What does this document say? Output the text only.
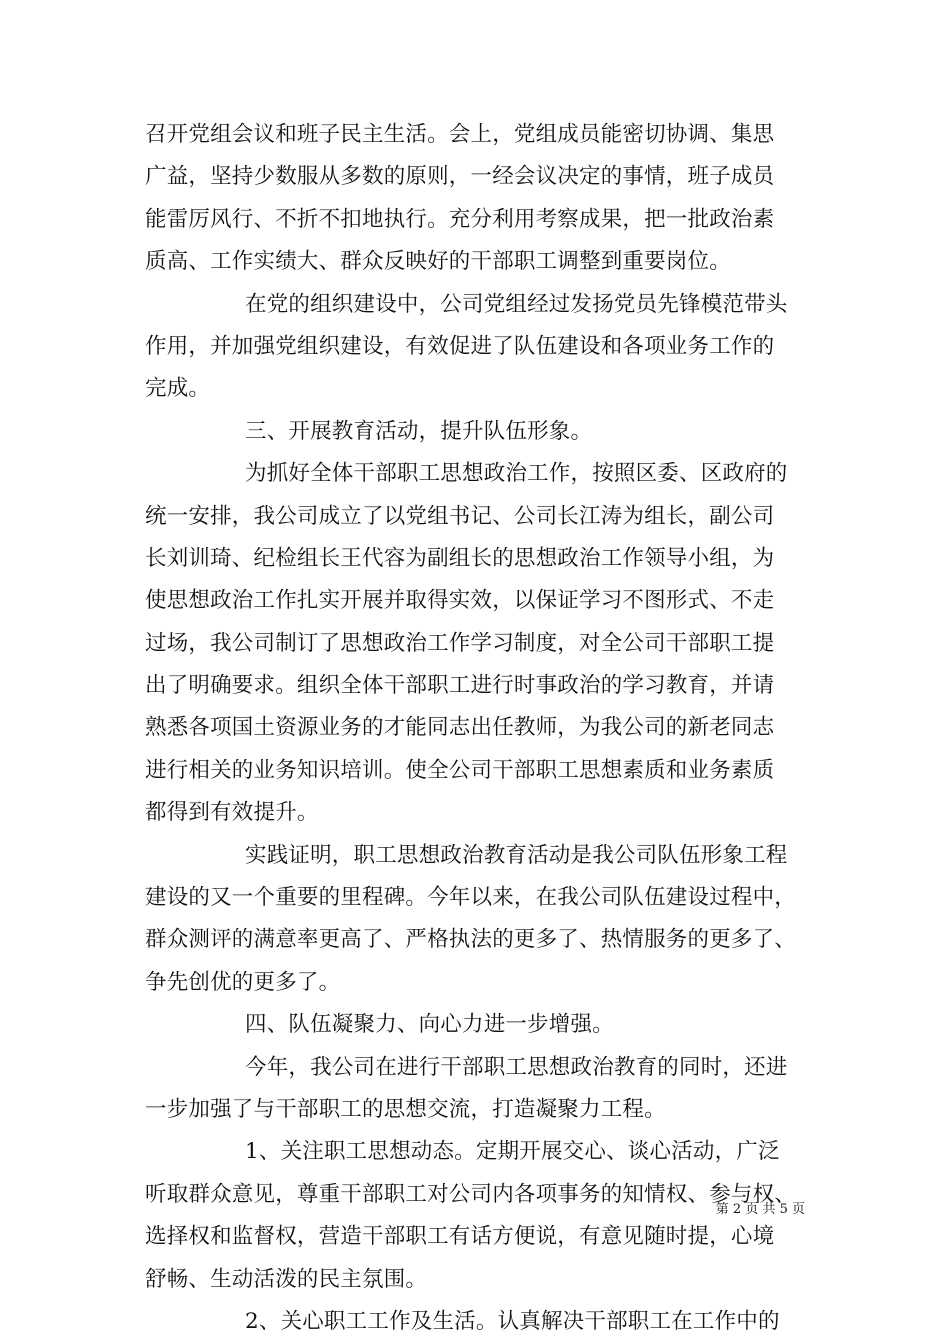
召开党组会议和班子民主生活。会上，党组成员能密切协调、集思
广益，坚持少数服从多数的原则，一经会议决定的事情，班子成员
能雷厉风行、不折不扣地执行。充分利用考察成果，把一批政治素
质高、工作实绩大、群众反映好的干部职工调整到重要岗位。
在党的组织建设中，公司党组经过发扬党员先锋模范带头
作用，并加强党组织建设，有效促进了队伍建设和各项业务工作的
完成。
三、开展教育活动，提升队伍形象。
为抓好全体干部职工思想政治工作，按照区委、区政府的
统一安排，我公司成立了以党组书记、公司长江涛为组长，副公司
长刘训琦、纪检组长王代容为副组长的思想政治工作领导小组，为
使思想政治工作扎实开展并取得实效，以保证学习不图形式、不走
过场，我公司制订了思想政治工作学习制度，对全公司干部职工提
出了明确要求。组织全体干部职工进行时事政治的学习教育，并请
熟悉各项国土资源业务的才能同志出任教师，为我公司的新老同志
进行相关的业务知识培训。使全公司干部职工思想素质和业务素质
都得到有效提升。
实践证明，职工思想政治教育活动是我公司队伍形象工程
建设的又一个重要的里程碑。今年以来，在我公司队伍建设过程中，
群众测评的满意率更高了、严格执法的更多了、热情服务的更多了、
争先创优的更多了。
四、队伍凝聚力、向心力进一步增强。
今年，我公司在进行干部职工思想政治教育的同时，还进
一步加强了与干部职工的思想交流，打造凝聚力工程。
1、关注职工思想动态。定期开展交心、谈心活动，广泛
听取群众意见，尊重干部职工对公司内各项事务的知情权、参与权、
选择权和监督权，营造干部职工有话方便说，有意见随时提，心境
舒畅、生动活泼的民主氛围。
2、关心职工工作及生活。认真解决干部职工在工作中的
第 2 页 共 5 页
